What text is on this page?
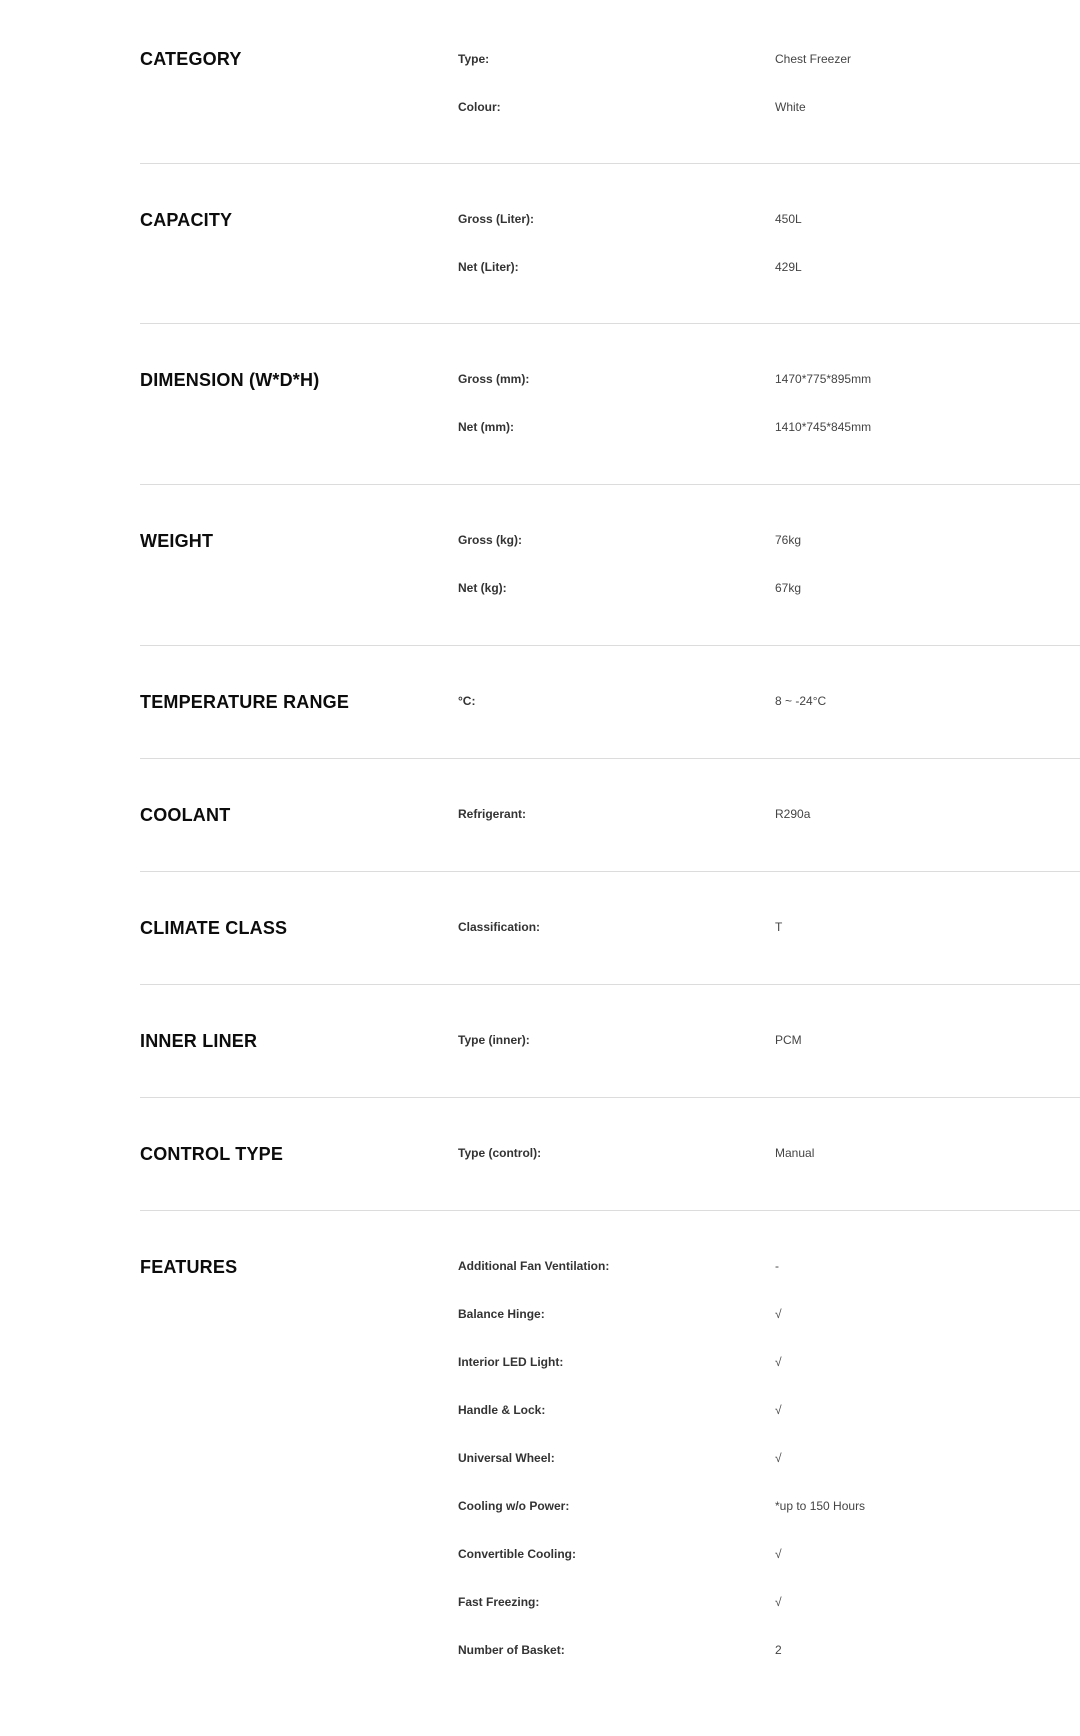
CATEGORY	Type:	Chest Freezer
Colour:	White
CAPACITY	Gross (Liter):	450L
Net (Liter):	429L
DIMENSION (W*D*H)	Gross (mm):	1470*775*895mm
Net (mm):	1410*745*845mm
WEIGHT	Gross (kg):	76kg
Net (kg):	67kg
TEMPERATURE RANGE	°C:	8 ~ -24°C
COOLANT	Refrigerant:	R290a
CLIMATE CLASS	Classification:	T
INNER LINER	Type (inner):	PCM
CONTROL TYPE	Type (control):	Manual
FEATURES	Additional Fan Ventilation:	-
Balance Hinge:	√
Interior LED Light:	√
Handle & Lock:	√
Universal Wheel:	√
Cooling w/o Power:	*up to 150 Hours
Convertible Cooling:	√
Fast Freezing:	√
Number of Basket:	2
